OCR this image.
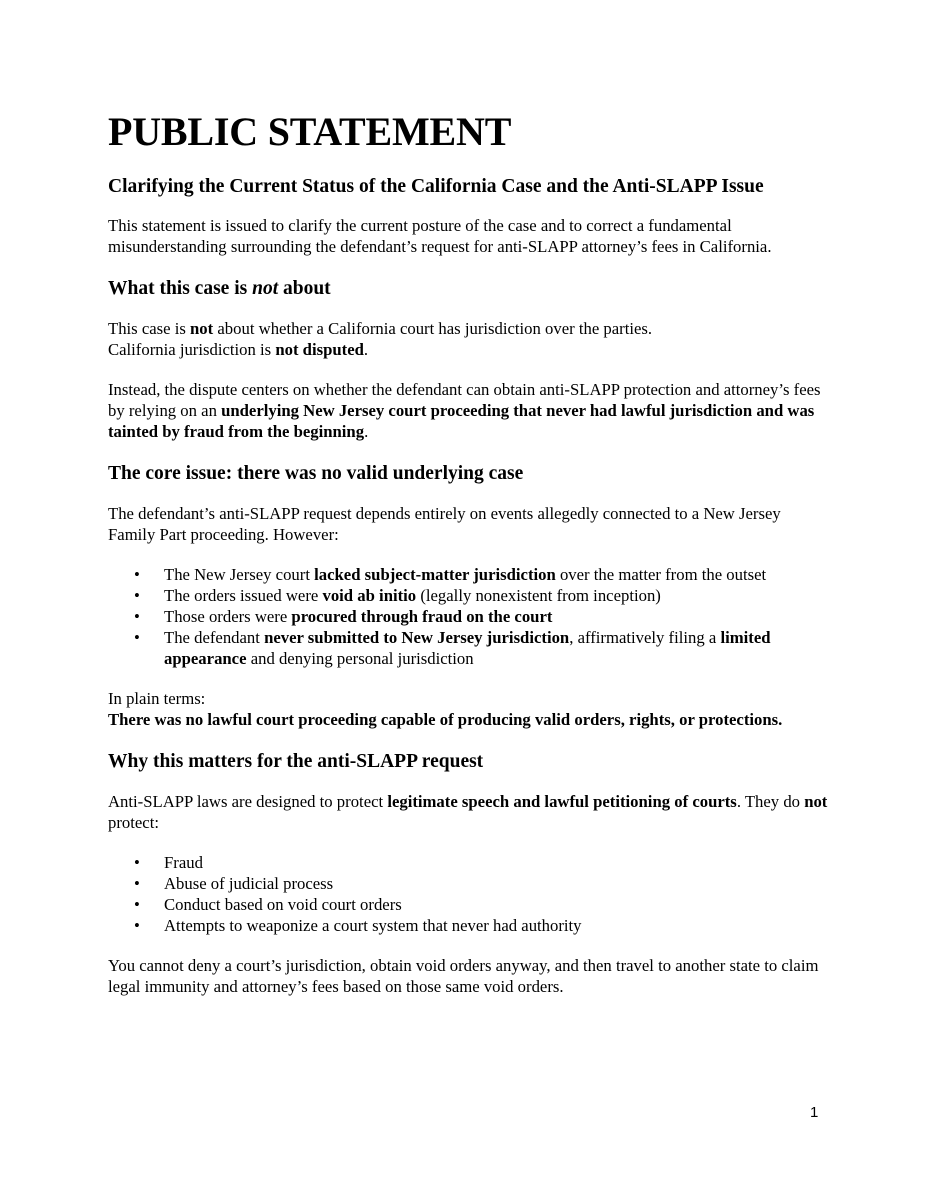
PUBLIC STATEMENT
Clarifying the Current Status of the California Case and the Anti-SLAPP Issue

This statement is issued to clarify the current posture of the case and to correct a fundamental misunderstanding surrounding the defendant’s request for anti-SLAPP attorney’s fees in California.

What this case is not about

This case is not about whether a California court has jurisdiction over the parties.
California jurisdiction is not disputed.

Instead, the dispute centers on whether the defendant can obtain anti-SLAPP protection and attorney’s fees by relying on an underlying New Jersey court proceeding that never had lawful jurisdiction and was tainted by fraud from the beginning.

The core issue: there was no valid underlying case

The defendant’s anti-SLAPP request depends entirely on events allegedly connected to a New Jersey Family Part proceeding. However:

• The New Jersey court lacked subject-matter jurisdiction over the matter from the outset
• The orders issued were void ab initio (legally nonexistent from inception)
• Those orders were procured through fraud on the court
• The defendant never submitted to New Jersey jurisdiction, affirmatively filing a limited appearance and denying personal jurisdiction

In plain terms:
There was no lawful court proceeding capable of producing valid orders, rights, or protections.

Why this matters for the anti-SLAPP request

Anti-SLAPP laws are designed to protect legitimate speech and lawful petitioning of courts. They do not protect:

• Fraud
• Abuse of judicial process
• Conduct based on void court orders
• Attempts to weaponize a court system that never had authority

You cannot deny a court’s jurisdiction, obtain void orders anyway, and then travel to another state to claim legal immunity and attorney’s fees based on those same void orders.

1
